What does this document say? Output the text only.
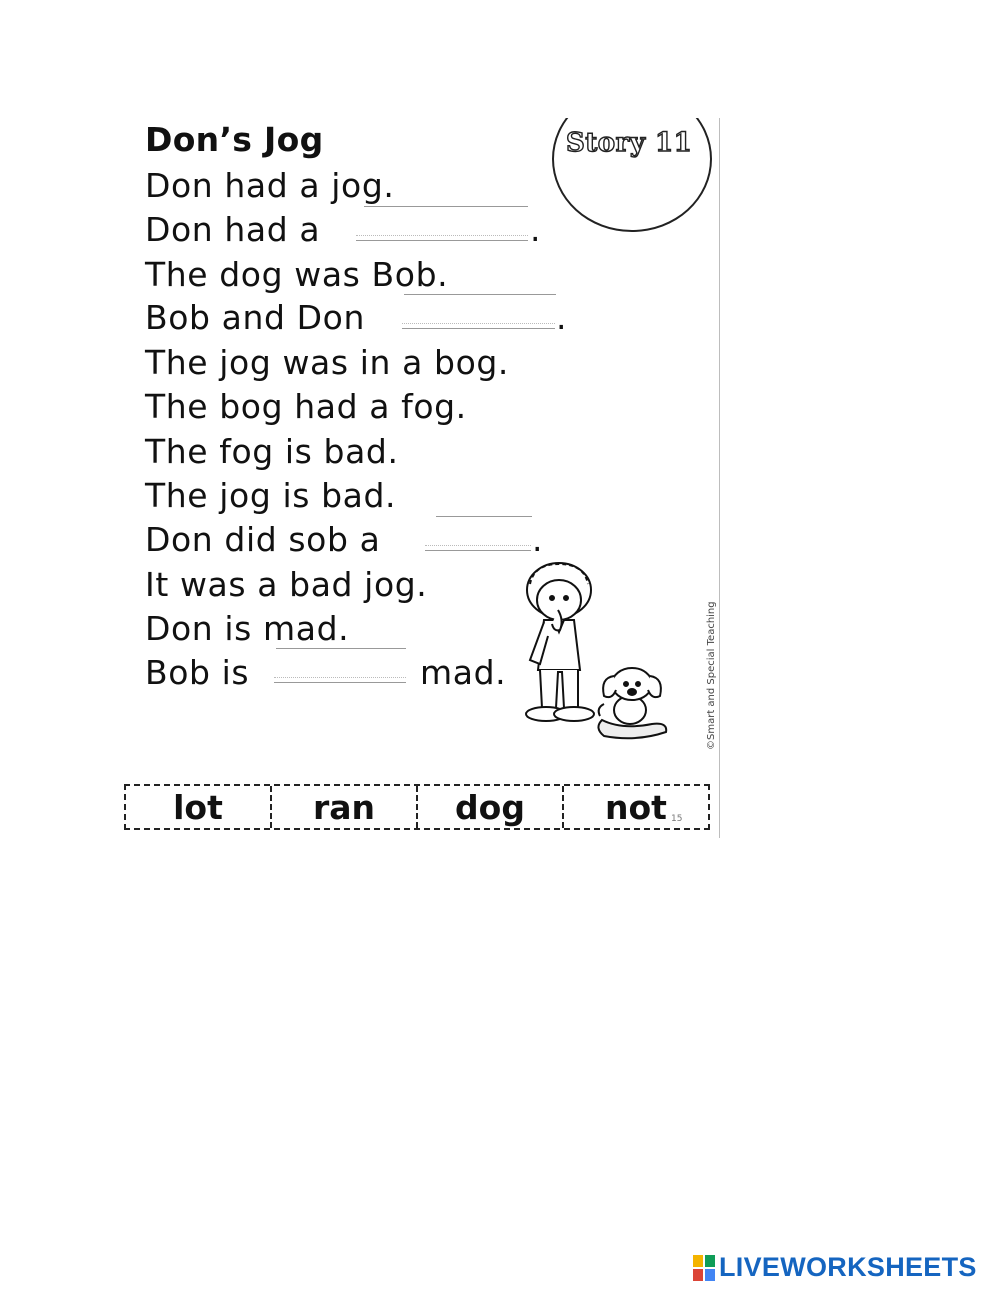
Story 11
Don’s Jog
Don had a jog.
Don had a	.
The dog was Bob.
Bob and Don	.
The jog was in a bog.
The bog had a fog.
The fog is bad.
The jog is bad.
Don did sob a	.
It was a bad jog.
Don is mad.
Bob is	mad.	©Smart and Special Teaching
lot	ran	dog	not 15
LIVEWORKSHEETS
